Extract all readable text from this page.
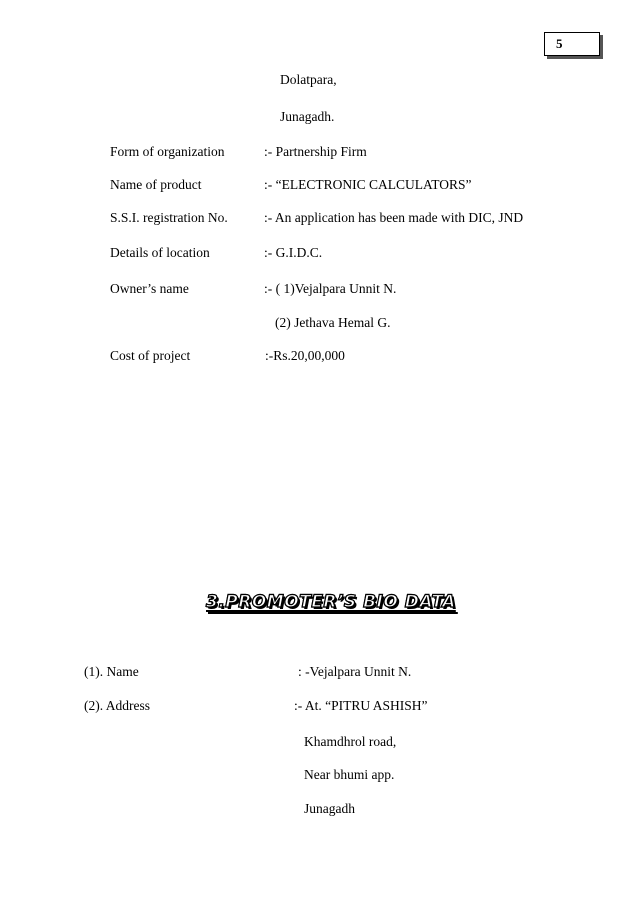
5
Dolatpara,
Junagadh.
Form of organization	:- Partnership Firm
Name of product	:- “ELECTRONIC CALCULATORS”
S.S.I. registration No.	:- An application has been made with DIC, JND
Details of location	:- G.I.D.C.
Owner’s name	:- ( 1)Vejalpara Unnit N.
(2) Jethava Hemal G.
Cost of project	:-Rs.20,00,000
3.PROMOTER’S BIO DATA
(1). Name	: -Vejalpara Unnit N.
(2). Address	:- At. “PITRU ASHISH”
Khamdhrol road,
Near bhumi app.
Junagadh
